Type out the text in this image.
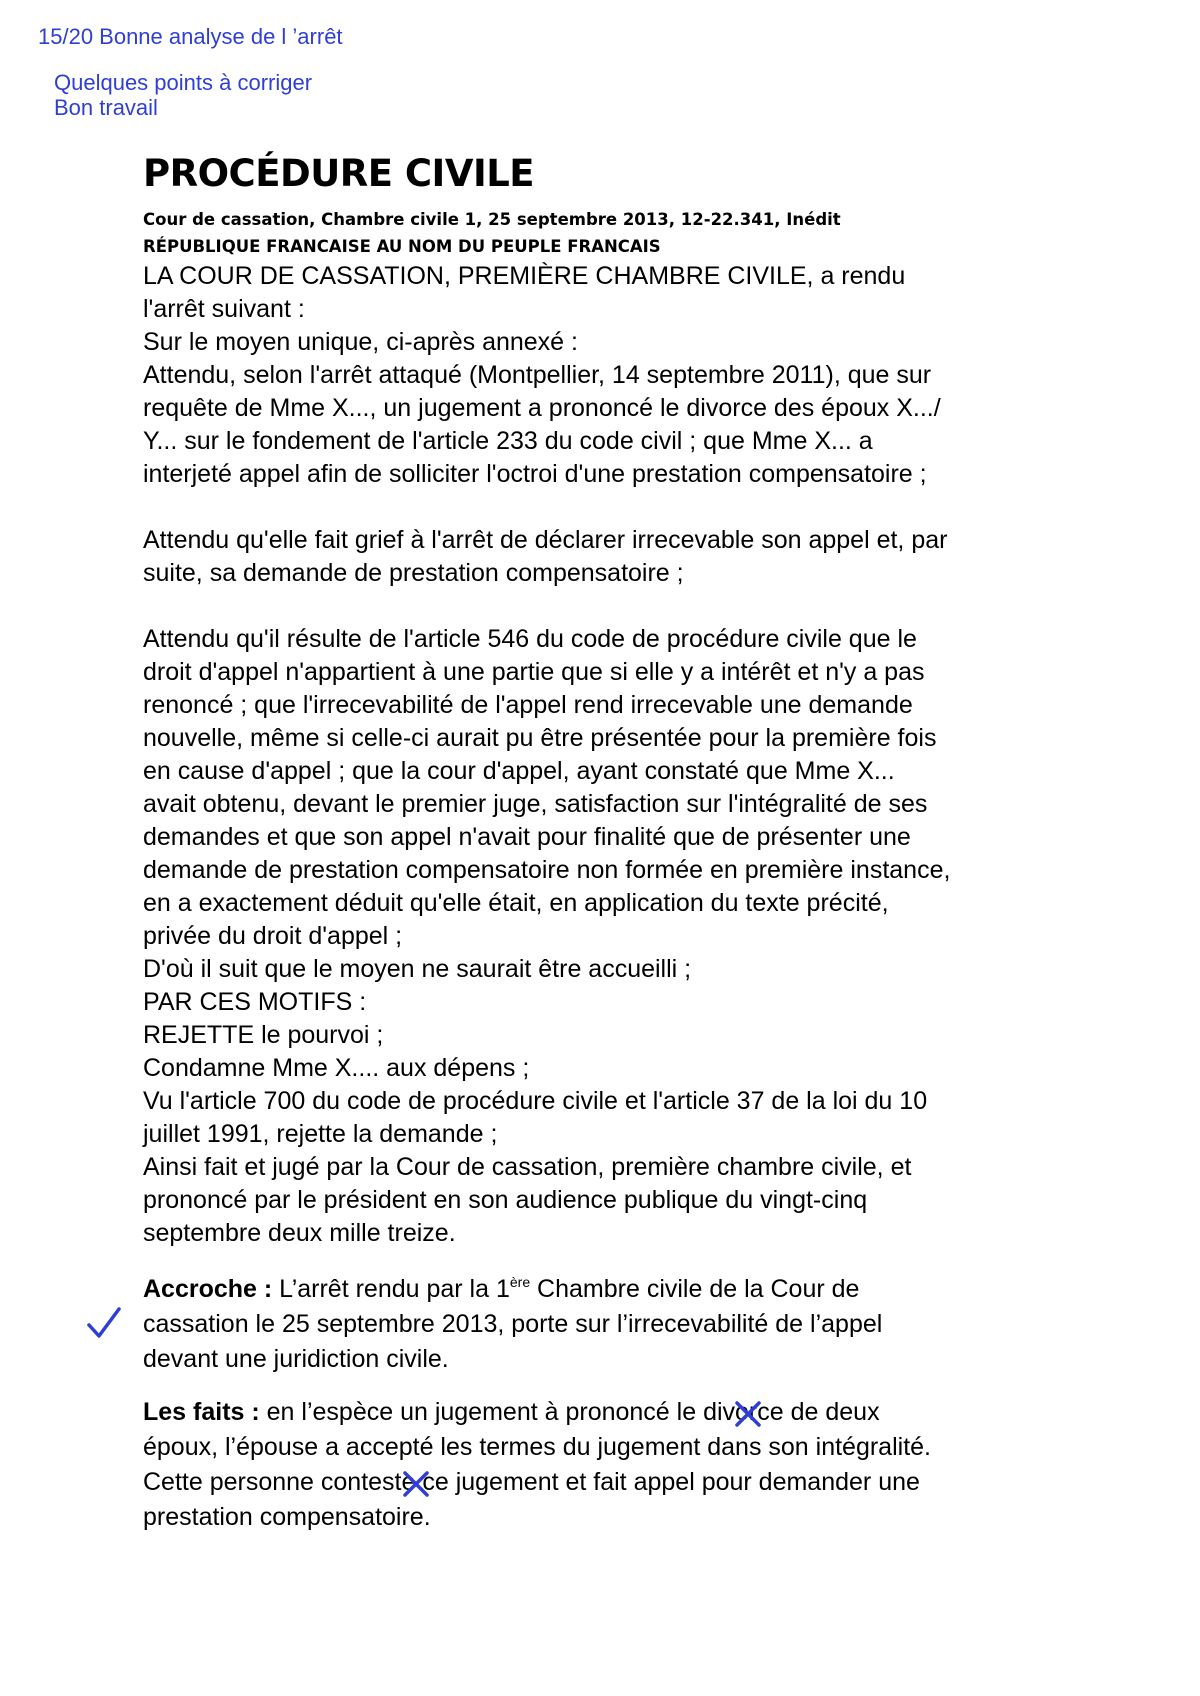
15/20 Bonne analyse de l ’arrêt
Quelques points à corriger
Bon travail
PROCÉDURE CIVILE

Cour de cassation, Chambre civile 1, 25 septembre 2013, 12-22.341, Inédit

RÉPUBLIQUE FRANCAISE AU NOM DU PEUPLE FRANCAIS

LA COUR DE CASSATION, PREMIÈRE CHAMBRE CIVILE, a rendu
l'arrêt suivant :
Sur le moyen unique, ci-après annexé :
Attendu, selon l'arrêt attaqué (Montpellier, 14 septembre 2011), que sur
requête de Mme X..., un jugement a prononcé le divorce des époux X.../
Y... sur le fondement de l'article 233 du code civil ; que Mme X... a
interjeté appel afin de solliciter l'octroi d'une prestation compensatoire ;
Attendu qu'elle fait grief à l'arrêt de déclarer irrecevable son appel et, par
suite, sa demande de prestation compensatoire ;
Attendu qu'il résulte de l'article 546 du code de procédure civile que le
droit d'appel n'appartient à une partie que si elle y a intérêt et n'y a pas
renoncé ; que l'irrecevabilité de l'appel rend irrecevable une demande
nouvelle, même si celle-ci aurait pu être présentée pour la première fois
en cause d'appel ; que la cour d'appel, ayant constaté que Mme X...
avait obtenu, devant le premier juge, satisfaction sur l'intégralité de ses
demandes et que son appel n'avait pour finalité que de présenter une
demande de prestation compensatoire non formée en première instance,
en a exactement déduit qu'elle était, en application du texte précité,
privée du droit d'appel ;
D'où il suit que le moyen ne saurait être accueilli ;
PAR CES MOTIFS :
REJETTE le pourvoi ;
Condamne Mme X.... aux dépens ;
Vu l'article 700 du code de procédure civile et l'article 37 de la loi du 10
juillet 1991, rejette la demande ;
Ainsi fait et jugé par la Cour de cassation, première chambre civile, et
prononcé par le président en son audience publique du vingt-cinq
septembre deux mille treize.
Accroche : L’arrêt rendu par la 1ère Chambre civile de la Cour de
cassation le 25 septembre 2013, porte sur l’irrecevabilité de l’appel
devant une juridiction civile.
Les faits : en l’espèce un jugement à prononcé le divorce de deux
époux, l’épouse a accepté les termes du jugement dans son intégralité.
Cette personne conteste ce jugement et fait appel pour demander une
prestation compensatoire.
